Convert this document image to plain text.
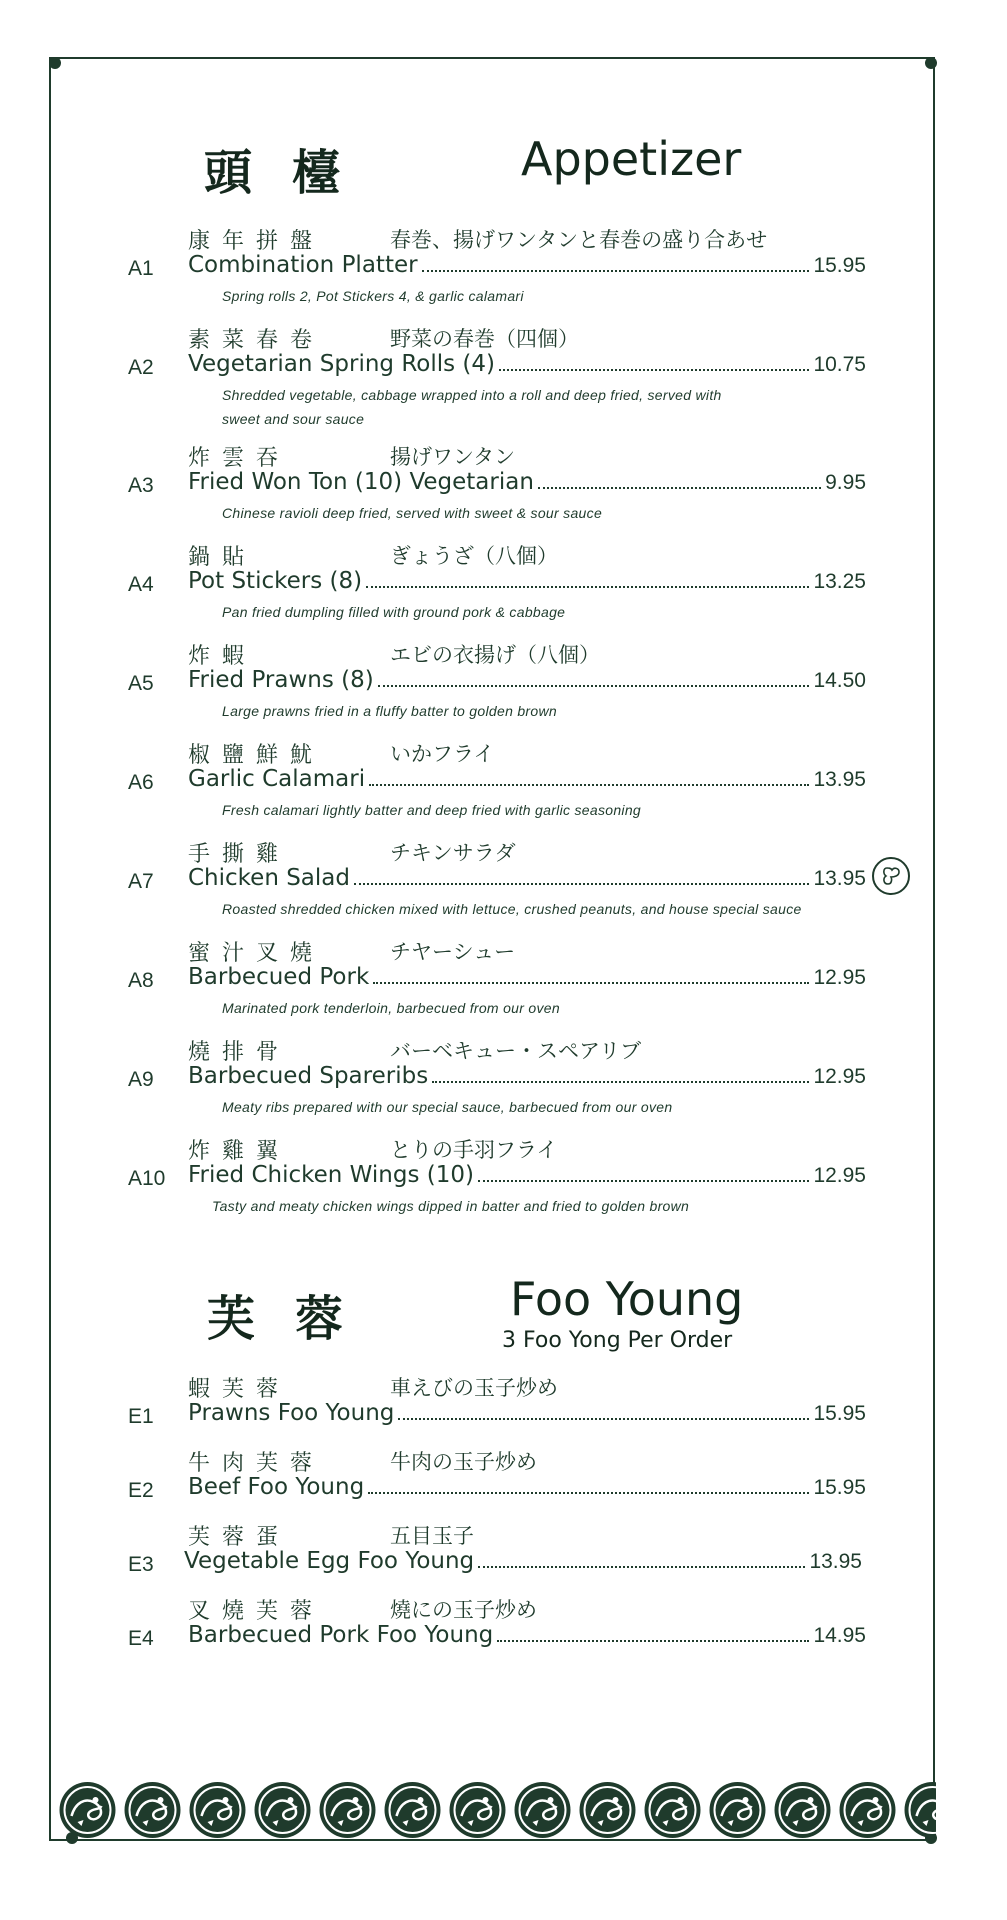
頭檯	Appetizer
康年拼盤	春巻、揚げワンタンと春巻の盛り合あせ
A1 Combination Platter	15.95
Spring rolls 2, Pot Stickers 4, & garlic calamari
素菜春卷	野菜の春巻（四個）
A2 Vegetarian Spring Rolls (4)	10.75
Shredded vegetable, cabbage wrapped into a roll and deep fried, served with sweet and sour sauce
炸雲吞	揚げワンタン
A3 Fried Won Ton (10) Vegetarian	9.95
Chinese ravioli deep fried, served with sweet & sour sauce
鍋貼	ぎょうざ（八個）
A4 Pot Stickers (8)	13.25
Pan fried dumpling filled with ground pork & cabbage
炸蝦	エビの衣揚げ（八個）
A5 Fried Prawns (8)	14.50
Large prawns fried in a fluffy batter to golden brown
椒鹽鮮魷	いかフライ
A6 Garlic Calamari	13.95
Fresh calamari lightly batter and deep fried with garlic seasoning
手撕雞	チキンサラダ
A7 Chicken Salad	13.95
Roasted shredded chicken mixed with lettuce, crushed peanuts, and house special sauce
蜜汁叉燒	チヤーシュー
A8 Barbecued Pork	12.95
Marinated pork tenderloin, barbecued from our oven
燒排骨	バーベキュー・スペアリブ
A9 Barbecued Spareribs	12.95
Meaty ribs prepared with our special sauce, barbecued from our oven
炸雞翼	とりの手羽フライ
A10 Fried Chicken Wings (10)	12.95
Tasty and meaty chicken wings dipped in batter and fried to golden brown
芙蓉	Foo Young
3 Foo Yong Per Order
蝦芙蓉	車えびの玉子炒め
E1 Prawns Foo Young	15.95
牛肉芙蓉	牛肉の玉子炒め
E2 Beef Foo Young	15.95
芙蓉蛋	五目玉子
E3 Vegetable Egg Foo Young	13.95
叉燒芙蓉	燒にの玉子炒め
E4 Barbecued Pork Foo Young	14.95
